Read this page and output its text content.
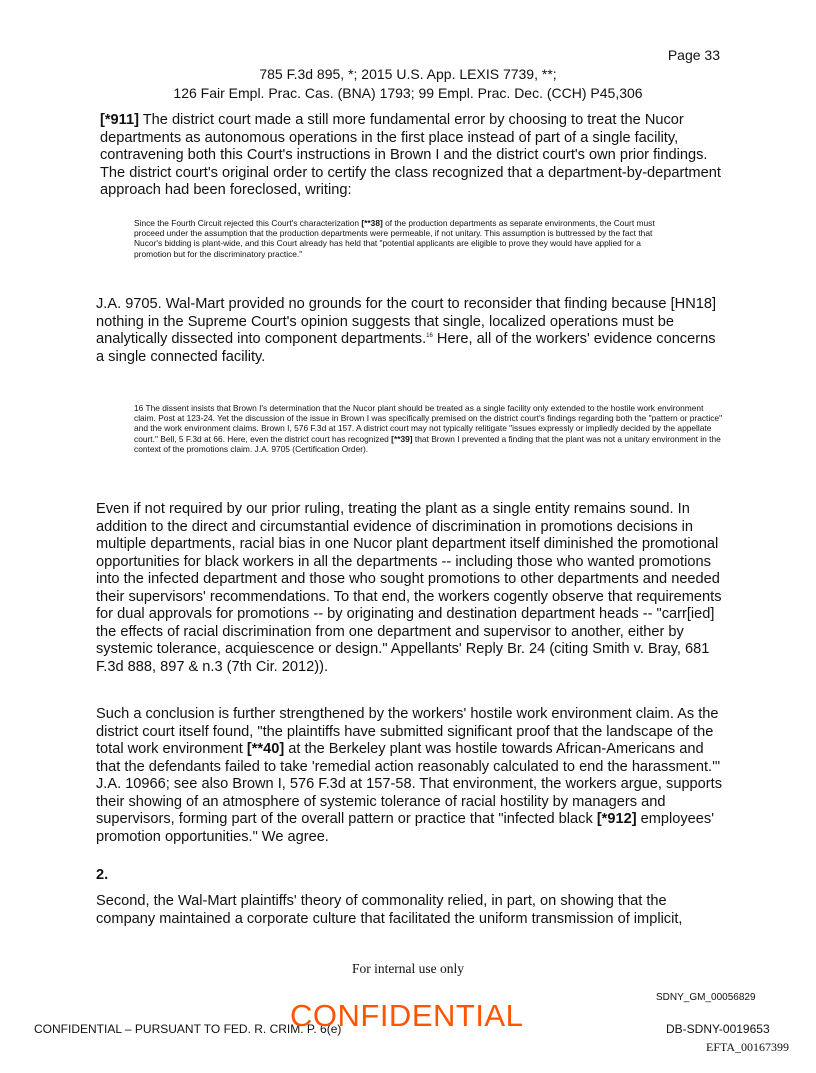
Page 33
785 F.3d 895, *; 2015 U.S. App. LEXIS 7739, **;
126 Fair Empl. Prac. Cas. (BNA) 1793; 99 Empl. Prac. Dec. (CCH) P45,306
[*911] The district court made a still more fundamental error by choosing to treat the Nucor departments as autonomous operations in the first place instead of part of a single facility, contravening both this Court's instructions in Brown I and the district court's own prior findings. The district court's original order to certify the class recognized that a department-by-department approach had been foreclosed, writing:
Since the Fourth Circuit rejected this Court's characterization [**38] of the production departments as separate environments, the Court must proceed under the assumption that the production departments were permeable, if not unitary. This assumption is buttressed by the fact that Nucor's bidding is plant-wide, and this Court already has held that "potential applicants are eligible to prove they would have applied for a promotion but for the discriminatory practice."
J.A. 9705. Wal-Mart provided no grounds for the court to reconsider that finding because [HN18] nothing in the Supreme Court's opinion suggests that single, localized operations must be analytically dissected into component departments.$^{16}$ Here, all of the workers' evidence concerns a single connected facility.
16 The dissent insists that Brown I's determination that the Nucor plant should be treated as a single facility only extended to the hostile work environment claim. Post at 123-24. Yet the discussion of the issue in Brown I was specifically premised on the district court's findings regarding both the "pattern or practice" and the work environment claims. Brown I, 576 F.3d at 157. A district court may not typically relitigate "issues expressly or impliedly decided by the appellate court." Bell, 5 F.3d at 66. Here, even the district court has recognized [**39] that Brown I prevented a finding that the plant was not a unitary environment in the context of the promotions claim. J.A. 9705 (Certification Order).
Even if not required by our prior ruling, treating the plant as a single entity remains sound. In addition to the direct and circumstantial evidence of discrimination in promotions decisions in multiple departments, racial bias in one Nucor plant department itself diminished the promotional opportunities for black workers in all the departments -- including those who wanted promotions into the infected department and those who sought promotions to other departments and needed their supervisors' recommendations. To that end, the workers cogently observe that requirements for dual approvals for promotions -- by originating and destination department heads -- "carr[ied] the effects of racial discrimination from one department and supervisor to another, either by systemic tolerance, acquiescence or design." Appellants' Reply Br. 24 (citing Smith v. Bray, 681 F.3d 888, 897 & n.3 (7th Cir. 2012)).
Such a conclusion is further strengthened by the workers' hostile work environment claim. As the district court itself found, "the plaintiffs have submitted significant proof that the landscape of the total work environment [**40] at the Berkeley plant was hostile towards African-Americans and that the defendants failed to take 'remedial action reasonably calculated to end the harassment.'" J.A. 10966; see also Brown I, 576 F.3d at 157-58. That environment, the workers argue, supports their showing of an atmosphere of systemic tolerance of racial hostility by managers and supervisors, forming part of the overall pattern or practice that "infected black [*912] employees' promotion opportunities." We agree.
2.
Second, the Wal-Mart plaintiffs' theory of commonality relied, in part, on showing that the company maintained a corporate culture that facilitated the uniform transmission of implicit,
For internal use only
SDNY_GM_00056829
CONFIDENTIAL – PURSUANT TO FED. R. CRIM. P. 6(e)
CONFIDENTIAL	DB-SDNY-0019653
EFTA_00167399
